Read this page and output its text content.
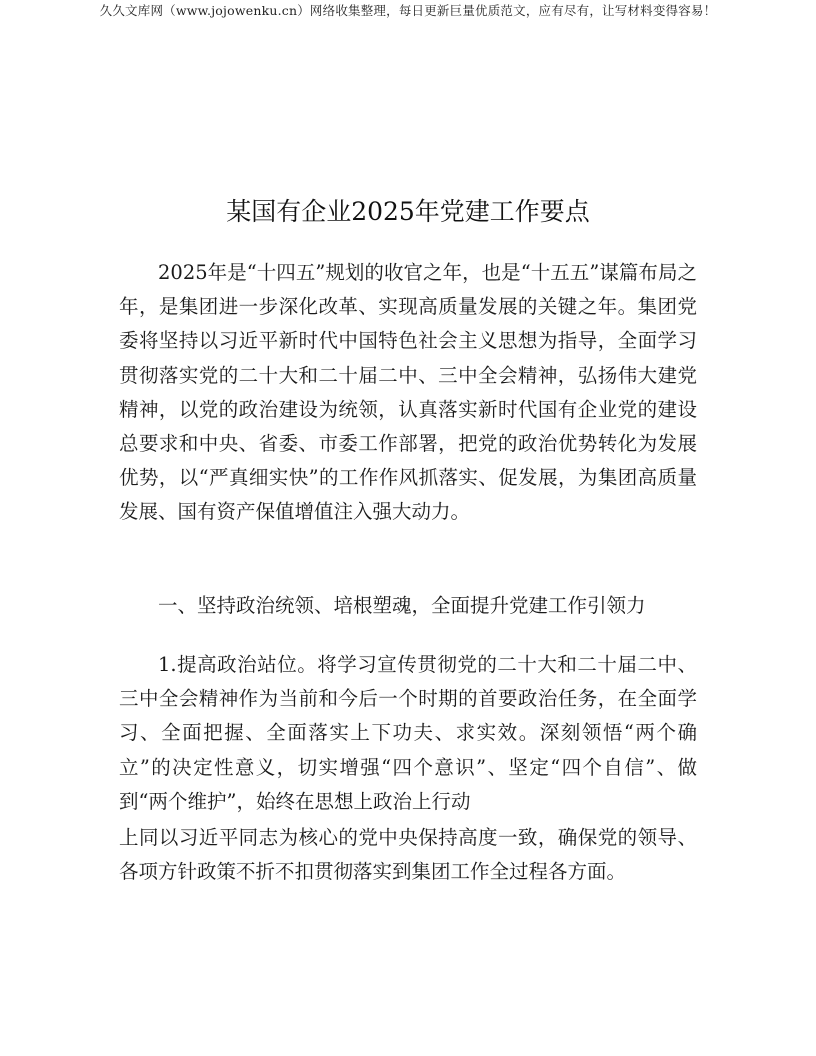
久久文库网（www.jojowenku.cn）网络收集整理，每日更新巨量优质范文，应有尽有，让写材料变得容易！
某国有企业2025年党建工作要点

2025年是“十四五”规划的收官之年，也是“十五五”谋篇布局之年，是集团进一步深化改革、实现高质量发展的关键之年。集团党委将坚持以习近平新时代中国特色社会主义思想为指导，全面学习贯彻落实党的二十大和二十届二中、三中全会精神，弘扬伟大建党精神，以党的政治建设为统领，认真落实新时代国有企业党的建设总要求和中央、省委、市委工作部署，把党的政治优势转化为发展优势，以“严真细实快”的工作作风抓落实、促发展，为集团高质量发展、国有资产保值增值注入强大动力。

一、坚持政治统领、培根塑魂，全面提升党建工作引领力

1.提高政治站位。将学习宣传贯彻党的二十大和二十届二中、三中全会精神作为当前和今后一个时期的首要政治任务，在全面学习、全面把握、全面落实上下功夫、求实效。深刻领悟“两个确立”的决定性意义，切实增强“四个意识”、坚定“四个自信”、做到“两个维护”，始终在思想上政治上行动

上同以习近平同志为核心的党中央保持高度一致，确保党的领导、各项方针政策不折不扣贯彻落实到集团工作全过程各方面。
